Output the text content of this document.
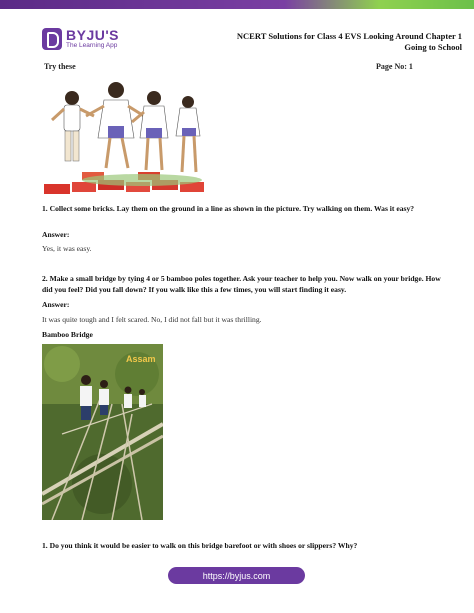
BYJU'S
The Learning App
NCERT Solutions for Class 4 EVS Looking Around Chapter 1
Going to School
Try these	Page No: 1
1. Collect some bricks. Lay them on the ground in a line as shown in the picture. Try walking on them. Was it easy?
Answer:
Yes, it was easy.
2. Make a small bridge by tying 4 or 5 bamboo poles together. Ask your teacher to help you. Now walk on your bridge. How did you feel? Did you fall down? If you walk like this a few times, you will start finding it easy.
Answer:
It was quite tough and I felt scared. No, I did not fall but it was thrilling.
Bamboo Bridge
Assam
1. Do you think it would be easier to walk on this bridge barefoot or with shoes or slippers? Why?
https://byjus.com
